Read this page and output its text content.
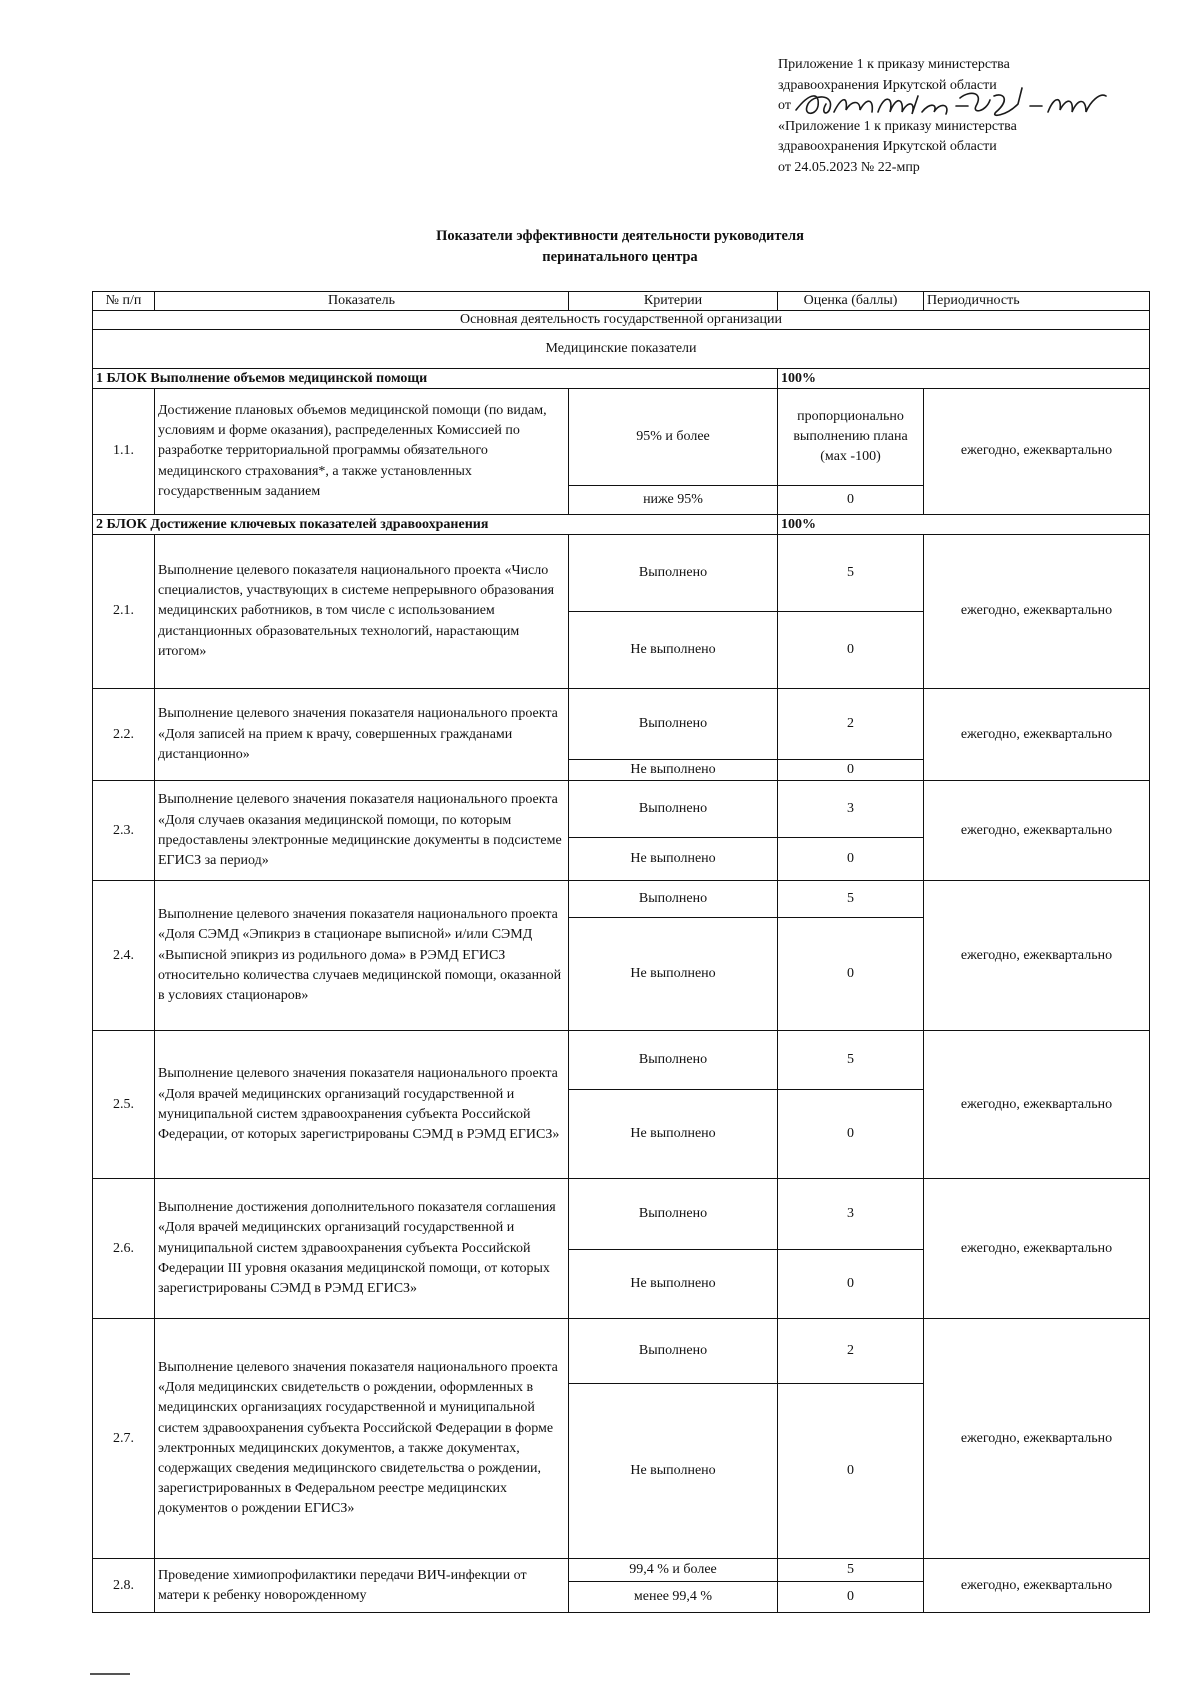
Приложение 1 к приказу министерства
здравоохранения Иркутской области
от
«Приложение 1 к приказу министерства
здравоохранения Иркутской области
от 24.05.2023 № 22-мпр
Показатели эффективности деятельности руководителя
перинатального центра
№ п/п	Показатель	Критерии	Оценка (баллы)	Периодичность
Основная деятельность государственной организации				
Медицинские показатели				
1 БЛОК Выполнение объемов медицинской помощи			100%	
1.1.	Достижение плановых объемов медицинской помощи (по видам, условиям и форме оказания), распределенных Комиссией по разработке территориальной программы обязательного медицинского страхования*, а также установленных государственным заданием	95% и более	пропорционально выполнению плана (мах -100)	ежегодно, ежеквартально
		ниже 95%	0	
2 БЛОК Достижение ключевых показателей здравоохранения			100%	
2.1.	Выполнение целевого показателя национального проекта «Число специалистов, участвующих в системе непрерывного образования медицинских работников, в том числе с использованием дистанционных образовательных технологий, нарастающим итогом»	Выполнено	5	ежегодно, ежеквартально
		Не выполнено	0	
2.2.	Выполнение целевого значения показателя национального проекта «Доля записей на прием к врачу, совершенных гражданами дистанционно»	Выполнено	2	ежегодно, ежеквартально
		Не выполнено	0	
2.3.	Выполнение целевого значения показателя национального проекта «Доля случаев оказания медицинской помощи, по которым предоставлены электронные медицинские документы в подсистеме ЕГИСЗ за период»	Выполнено	3	ежегодно, ежеквартально
		Не выполнено	0	
2.4.	Выполнение целевого значения показателя национального проекта «Доля СЭМД «Эпикриз в стационаре выписной» и/или СЭМД «Выписной эпикриз из родильного дома» в РЭМД ЕГИСЗ относительно количества случаев медицинской помощи, оказанной в условиях стационаров»	Выполнено	5	ежегодно, ежеквартально
		Не выполнено	0	
2.5.	Выполнение целевого значения показателя национального проекта «Доля врачей медицинских организаций государственной и муниципальной систем здравоохранения субъекта Российской Федерации, от которых зарегистрированы СЭМД в РЭМД ЕГИСЗ»	Выполнено	5	ежегодно, ежеквартально
		Не выполнено	0	
2.6.	Выполнение достижения дополнительного показателя соглашения «Доля врачей медицинских организаций государственной и муниципальной систем здравоохранения субъекта Российской Федерации III уровня оказания медицинской помощи, от которых зарегистрированы СЭМД в РЭМД ЕГИСЗ»	Выполнено	3	ежегодно, ежеквартально
		Не выполнено	0	
2.7.	Выполнение целевого значения показателя национального проекта «Доля медицинских свидетельств о рождении, оформленных в медицинских организациях государственной и муниципальной систем здравоохранения субъекта Российской Федерации в форме электронных медицинских документов, а также документах, содержащих сведения медицинского свидетельства о рождении, зарегистрированных в Федеральном реестре медицинских документов о рождении ЕГИСЗ»	Выполнено	2	ежегодно, ежеквартально
		Не выполнено	0	
2.8.	Проведение химиопрофилактики передачи ВИЧ-инфекции от матери к ребенку новорожденному	99,4 % и более	5	ежегодно, ежеквартально
		менее 99,4 %	0	
